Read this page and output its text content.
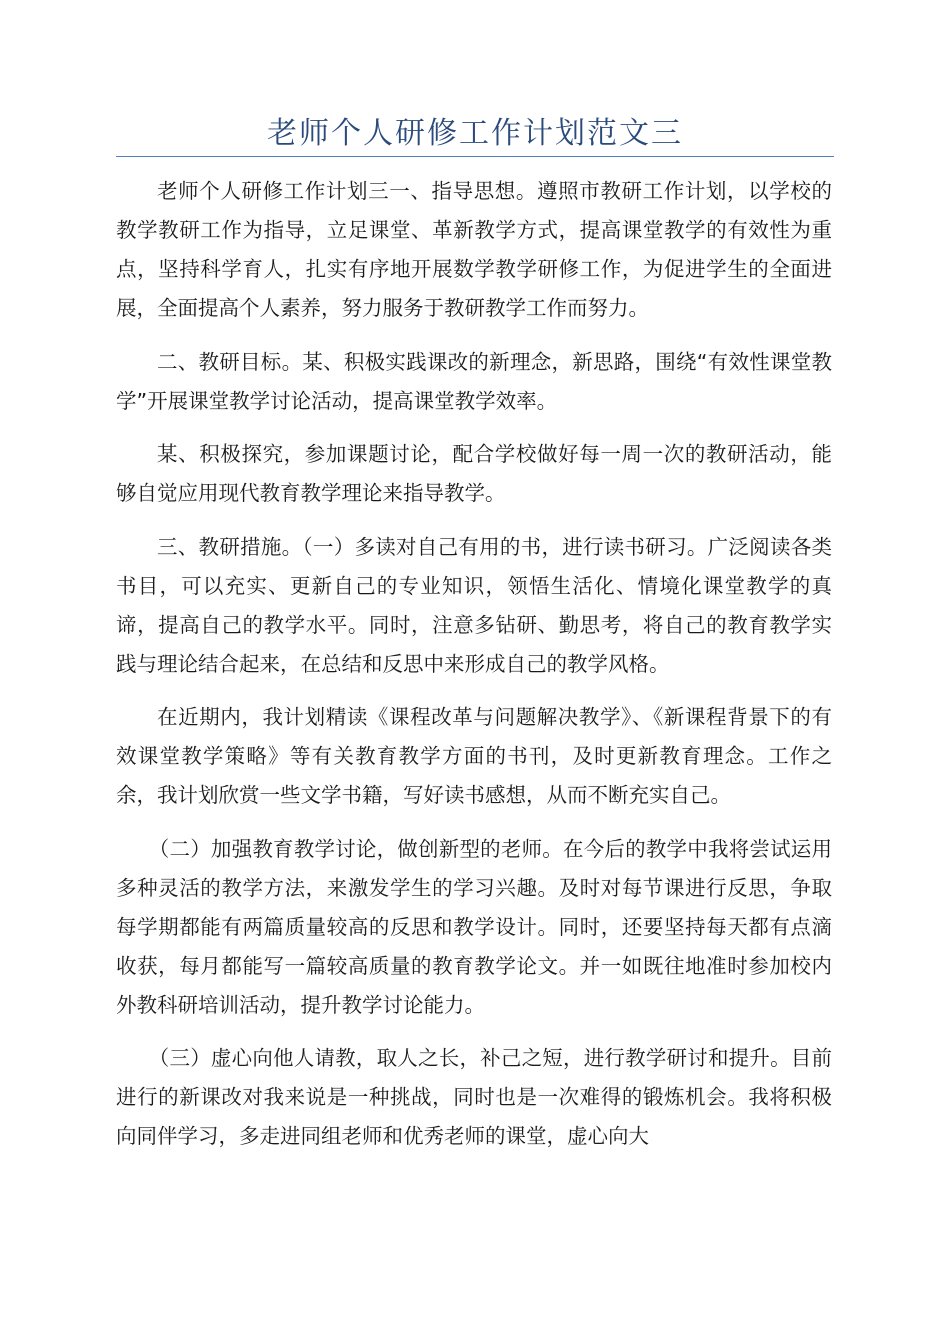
老师个人研修工作计划范文三

老师个人研修工作计划三一、指导思想。遵照市教研工作计划，以学校的教学教研工作为指导，立足课堂、革新教学方式，提高课堂教学的有效性为重点，坚持科学育人，扎实有序地开展数学教学研修工作，为促进学生的全面进展，全面提高个人素养，努力服务于教研教学工作而努力。

二、教研目标。某、积极实践课改的新理念，新思路，围绕“有效性课堂教学”开展课堂教学讨论活动，提高课堂教学效率。

某、积极探究，参加课题讨论，配合学校做好每一周一次的教研活动，能够自觉应用现代教育教学理论来指导教学。

三、教研措施。（一）多读对自己有用的书，进行读书研习。广泛阅读各类书目，可以充实、更新自己的专业知识，领悟生活化、情境化课堂教学的真谛，提高自己的教学水平。同时，注意多钻研、勤思考，将自己的教育教学实践与理论结合起来，在总结和反思中来形成自己的教学风格。

在近期内，我计划精读《课程改革与问题解决教学》、《新课程背景下的有效课堂教学策略》等有关教育教学方面的书刊，及时更新教育理念。工作之余，我计划欣赏一些文学书籍，写好读书感想，从而不断充实自己。

（二）加强教育教学讨论，做创新型的老师。在今后的教学中我将尝试运用多种灵活的教学方法，来激发学生的学习兴趣。及时对每节课进行反思，争取每学期都能有两篇质量较高的反思和教学设计。同时，还要坚持每天都有点滴收获，每月都能写一篇较高质量的教育教学论文。并一如既往地准时参加校内外教科研培训活动，提升教学讨论能力。

（三）虚心向他人请教，取人之长，补己之短，进行教学研讨和提升。目前进行的新课改对我来说是一种挑战，同时也是一次难得的锻炼机会。我将积极向同伴学习，多走进同组老师和优秀老师的课堂，虚心向大
